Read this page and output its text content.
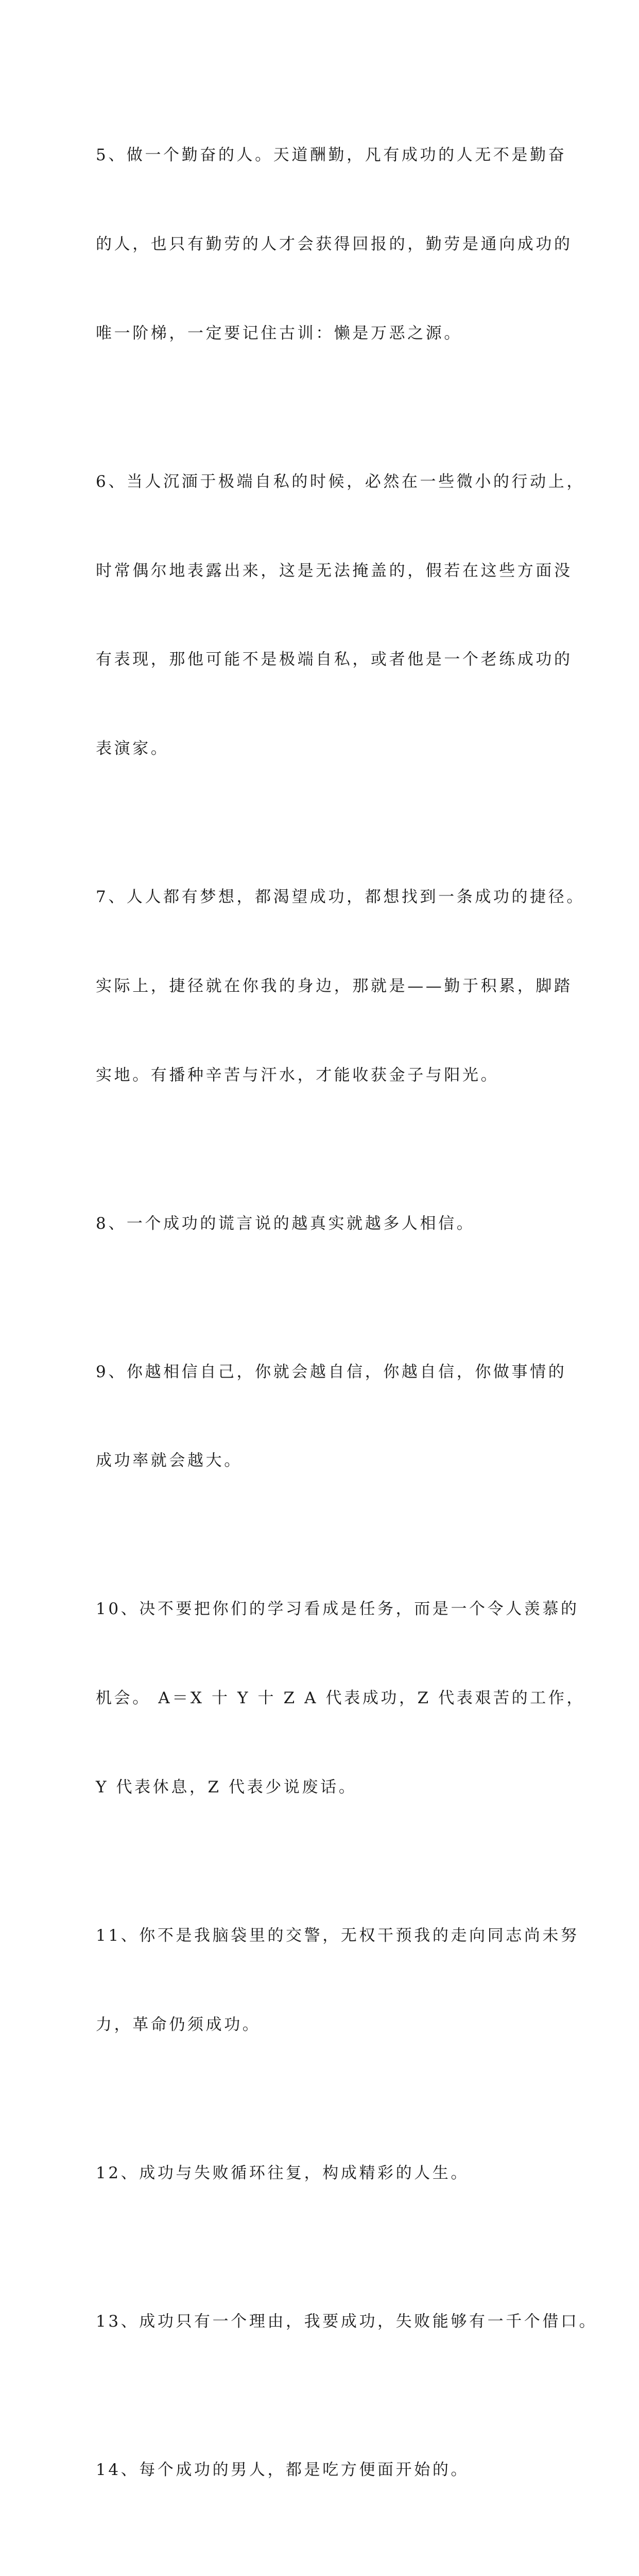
5、做一个勤奋的人。天道酬勤，凡有成功的人无不是勤奋

的人，也只有勤劳的人才会获得回报的，勤劳是通向成功的

唯一阶梯，一定要记住古训：懒是万恶之源。

6、当人沉湎于极端自私的时候，必然在一些微小的行动上，

时常偶尔地表露出来，这是无法掩盖的，假若在这些方面没

有表现，那他可能不是极端自私，或者他是一个老练成功的

表演家。

7、人人都有梦想，都渴望成功，都想找到一条成功的捷径。

实际上，捷径就在你我的身边，那就是——勤于积累，脚踏

实地。有播种辛苦与汗水，才能收获金子与阳光。

8、一个成功的谎言说的越真实就越多人相信。

9、你越相信自己，你就会越自信，你越自信，你做事情的

成功率就会越大。

10、决不要把你们的学习看成是任务，而是一个令人羡慕的

机会。 A＝X 十 Y 十 Z A 代表成功，Z 代表艰苦的工作，

Y 代表休息，Z 代表少说废话。

11、你不是我脑袋里的交警，无权干预我的走向同志尚未努

力，革命仍须成功。

12、成功与失败循环往复，构成精彩的人生。

13、成功只有一个理由，我要成功，失败能够有一千个借口。

14、每个成功的男人，都是吃方便面开始的。
